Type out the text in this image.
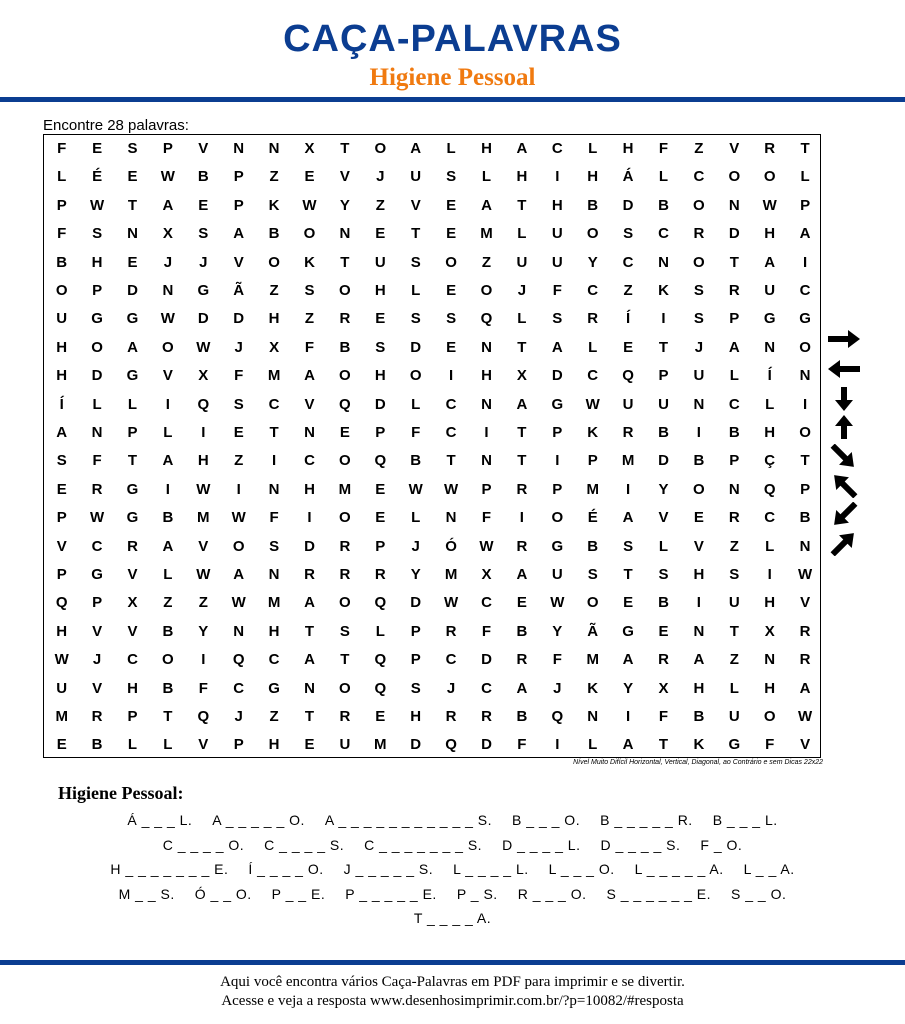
CAÇA-PALAVRAS
Higiene Pessoal
Encontre 28 palavras:
F	E	S	P	V	N	N	X	T	O	A	L	H	A	C	L	H	F	Z	V	R	T
L	É	E	W	B	P	Z	E	V	J	U	S	L	H	I	H	Á	L	C	O	O	L
P	W	T	A	E	P	K	W	Y	Z	V	E	A	T	H	B	D	B	O	N	W	P
F	S	N	X	S	A	B	O	N	E	T	E	M	L	U	O	S	C	R	D	H	A
B	H	E	J	J	V	O	K	T	U	S	O	Z	U	U	Y	C	N	O	T	A	I
O	P	D	N	G	Ã	Z	S	O	H	L	E	O	J	F	C	Z	K	S	R	U	C
U	G	G	W	D	D	H	Z	R	E	S	S	Q	L	S	R	Í	I	S	P	G	G
H	O	A	O	W	J	X	F	B	S	D	E	N	T	A	L	E	T	J	A	N	O
H	D	G	V	X	F	M	A	O	H	O	I	H	X	D	C	Q	P	U	L	Í	N
Í	L	L	I	Q	S	C	V	Q	D	L	C	N	A	G	W	U	U	N	C	L	I
A	N	P	L	I	E	T	N	E	P	F	C	I	T	P	K	R	B	I	B	H	O
S	F	T	A	H	Z	I	C	O	Q	B	T	N	T	I	P	M	D	B	P	Ç	T
E	R	G	I	W	I	N	H	M	E	W	W	P	R	P	M	I	Y	O	N	Q	P
P	W	G	B	M	W	F	I	O	E	L	N	F	I	O	É	A	V	E	R	C	B
V	C	R	A	V	O	S	D	R	P	J	Ó	W	R	G	B	S	L	V	Z	L	N
P	G	V	L	W	A	N	R	R	R	Y	M	X	A	U	S	T	S	H	S	I	W
Q	P	X	Z	Z	W	M	A	O	Q	D	W	C	E	W	O	E	B	I	U	H	V
H	V	V	B	Y	N	H	T	S	L	P	R	F	B	Y	Ã	G	E	N	T	X	R
W	J	C	O	I	Q	C	A	T	Q	P	C	D	R	F	M	A	R	A	Z	N	R
U	V	H	B	F	C	G	N	O	Q	S	J	C	A	J	K	Y	X	H	L	H	A
M	R	P	T	Q	J	Z	T	R	E	H	R	R	B	Q	N	I	F	B	U	O	W
E	B	L	L	V	P	H	E	U	M	D	Q	D	F	I	L	A	T	K	G	F	V
Nível Muito Difícil Horizontal, Vertical, Diagonal, ao Contrário e sem Dicas 22x22
Higiene Pessoal:
Á _ _ _ L. A _ _ _ _ _ O. A _ _ _ _ _ _ _ _ _ _ _ S. B _ _ _ O. B _ _ _ _ _ R. B _ _ _ L.
C _ _ _ _ O. C _ _ _ _ S. C _ _ _ _ _ _ _ S. D _ _ _ _ L. D _ _ _ _ S. F _ O.
H _ _ _ _ _ _ _ E. Í _ _ _ _ O. J _ _ _ _ _ S. L _ _ _ _ L. L _ _ _ O. L _ _ _ _ _ A. L _ _ A.
M _ _ S. Ó _ _ O. P _ _ E. P _ _ _ _ _ E. P _ S. R _ _ _ O. S _ _ _ _ _ _ E. S _ _ O.
T _ _ _ _ A.
Aqui você encontra vários Caça-Palavras em PDF para imprimir e se divertir.
Acesse e veja a resposta www.desenhosimprimir.com.br/?p=10082/#resposta
